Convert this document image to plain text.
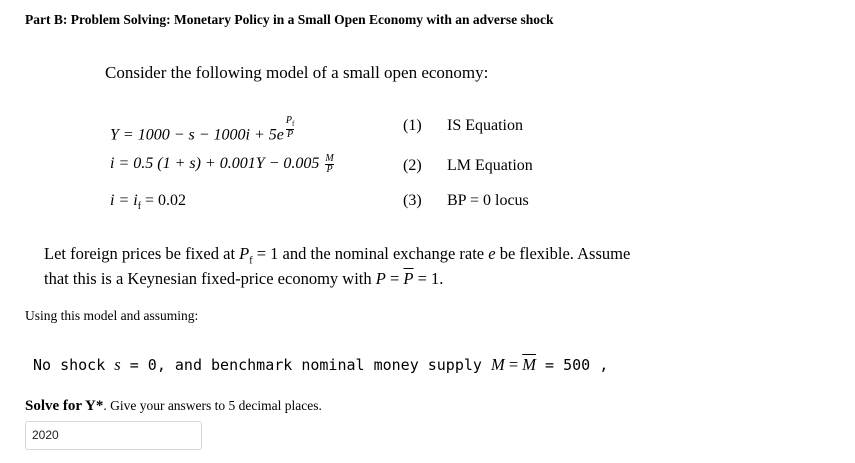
Part B: Problem Solving: Monetary Policy in a Small Open Economy with an adverse shock
Consider the following model of a small open economy:
$Y = 1000 - s - 1000i + 5e \frac{P_f}{P}$	(1) IS Equation
i = 0.5 $(1 + s) + 0.001Y - 0.005 \frac{M}{P}$	(2) LM Equation
$i = i_f = 0.02$	(3) BP = 0 locus
Let foreign prices be fixed at $P_f = 1$ and the nominal exchange rate e be flexible. Assume
that this is a Keynesian fixed-price economy with $P = \overline{P} = 1$.
Using this model and assuming:
No shock s = 0, and benchmark nominal money supply $M = \overline{M} = 500$ ,
Solve for Y*. Give your answers to 5 decimal places.
2020
